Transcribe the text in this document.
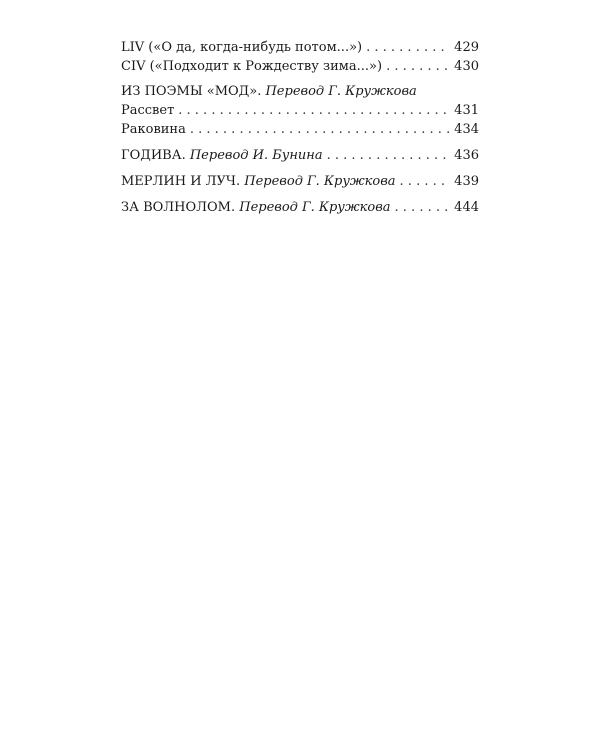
LIV («О да, когда-нибудь потом...») . . .	429
CIV («Подходит к Рождеству зима...») . . .	430
ИЗ ПОЭМЫ «МОД». Перевод Г. Кружкова
Рассвет . . .	431
Раковина . . .	434
ГОДИВА. Перевод И. Бунина . . .	436
МЕРЛИН И ЛУЧ. Перевод Г. Кружкова . . .	439
ЗА ВОЛНОЛОМ. Перевод Г. Кружкова . . .	444
